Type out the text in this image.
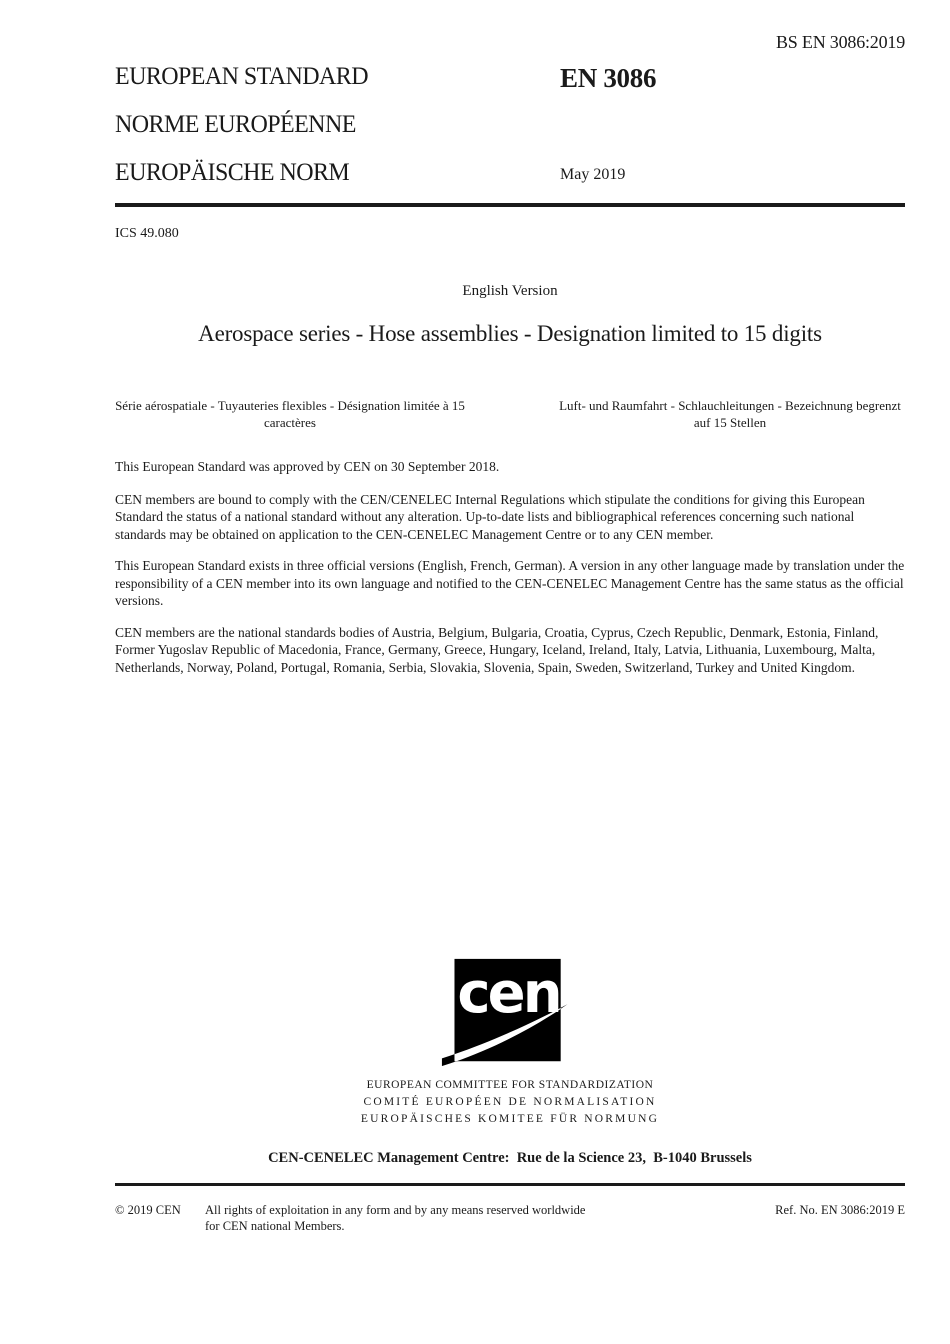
BS EN 3086:2019
EUROPEAN STANDARD	EN 3086
NORME EUROPÉENNE
EUROPÄISCHE NORM	May 2019
ICS 49.080
English Version
Aerospace series - Hose assemblies - Designation limited to 15 digits
Série aérospatiale - Tuyauteries flexibles - Désignation limitée à 15 caractères
Luft- und Raumfahrt - Schlauchleitungen - Bezeichnung begrenzt auf 15 Stellen

This European Standard was approved by CEN on 30 September 2018.

CEN members are bound to comply with the CEN/CENELEC Internal Regulations which stipulate the conditions for giving this European Standard the status of a national standard without any alteration. Up-to-date lists and bibliographical references concerning such national standards may be obtained on application to the CEN-CENELEC Management Centre or to any CEN member.

This European Standard exists in three official versions (English, French, German). A version in any other language made by translation under the responsibility of a CEN member into its own language and notified to the CEN-CENELEC Management Centre has the same status as the official versions.

CEN members are the national standards bodies of Austria, Belgium, Bulgaria, Croatia, Cyprus, Czech Republic, Denmark, Estonia, Finland, Former Yugoslav Republic of Macedonia, France, Germany, Greece, Hungary, Iceland, Ireland, Italy, Latvia, Lithuania, Luxembourg, Malta, Netherlands, Norway, Poland, Portugal, Romania, Serbia, Slovakia, Slovenia, Spain, Sweden, Switzerland, Turkey and United Kingdom.

cen
EUROPEAN COMMITTEE FOR STANDARDIZATION
COMITÉ EUROPÉEN DE NORMALISATION
EUROPÄISCHES KOMITEE FÜR NORMUNG
CEN-CENELEC Management Centre:  Rue de la Science 23,  B-1040 Brussels
© 2019 CEN	All rights of exploitation in any form and by any means reserved worldwide for CEN national Members.
Ref. No. EN 3086:2019 E
